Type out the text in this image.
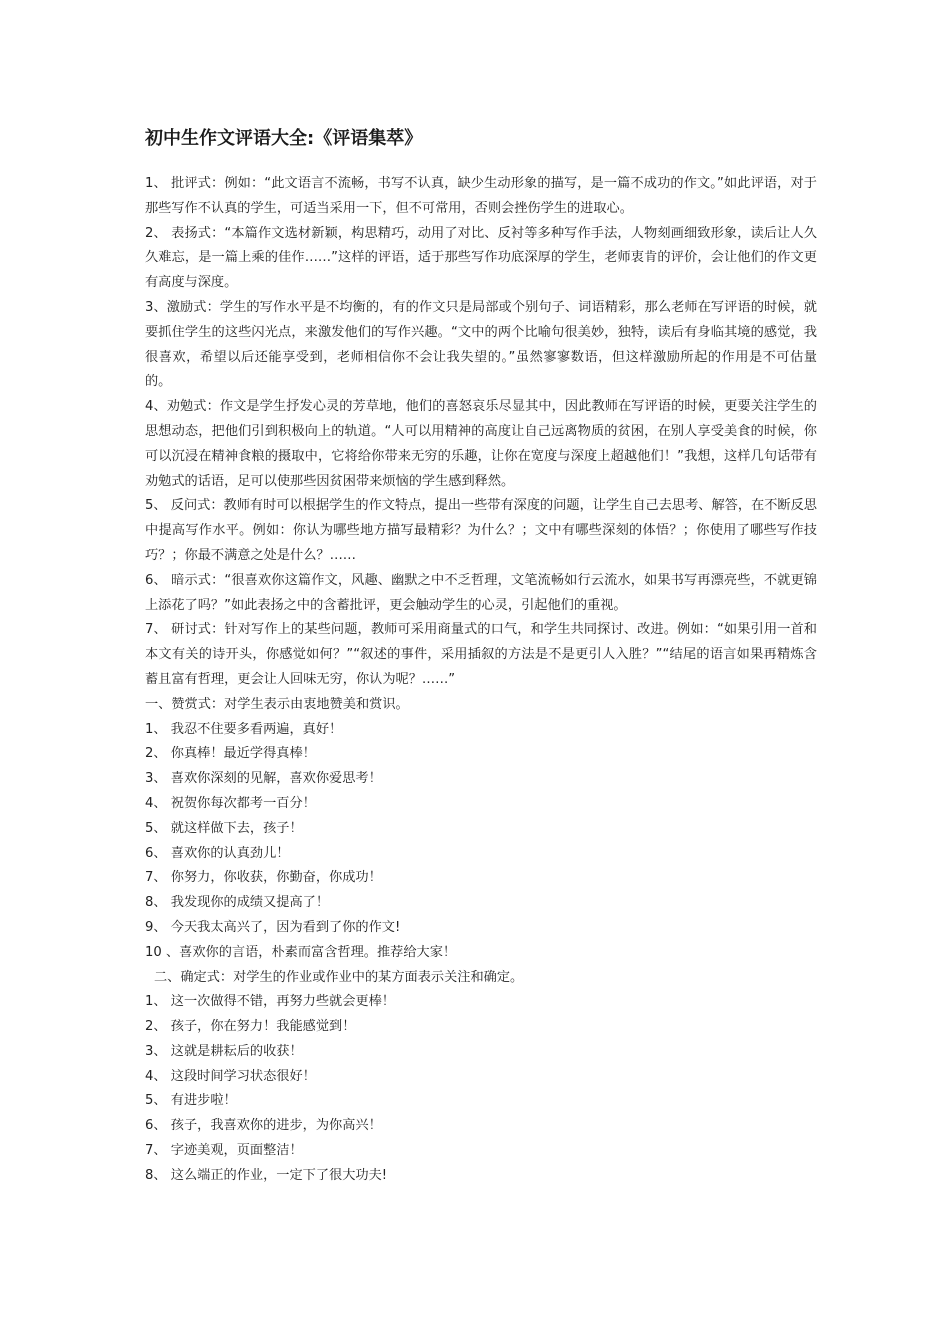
初中生作文评语大全:《评语集萃》

1、 批评式：例如：“此文语言不流畅，书写不认真，缺少生动形象的描写，是一篇不成功的作文。”如此评语，对于那些写作不认真的学生，可适当采用一下，但不可常用，否则会挫伤学生的进取心。

2、 表扬式：“本篇作文选材新颖，构思精巧，动用了对比、反衬等多种写作手法，人物刻画细致形象，读后让人久久难忘，是一篇上乘的佳作……”这样的评语，适于那些写作功底深厚的学生，老师衷肯的评价，会让他们的作文更有高度与深度。

3、激励式：学生的写作水平是不均衡的，有的作文只是局部或个别句子、词语精彩，那么老师在写评语的时候，就要抓住学生的这些闪光点，来激发他们的写作兴趣。“文中的两个比喻句很美妙，独特，读后有身临其境的感觉，我很喜欢，希望以后还能享受到，老师相信你不会让我失望的。”虽然寥寥数语，但这样激励所起的作用是不可估量的。

4、劝勉式：作文是学生抒发心灵的芳草地，他们的喜怒哀乐尽显其中，因此教师在写评语的时候，更要关注学生的思想动态，把他们引到积极向上的轨道。“人可以用精神的高度让自己远离物质的贫困，在别人享受美食的时候，你可以沉浸在精神食粮的摄取中，它将给你带来无穷的乐趣，让你在宽度与深度上超越他们！”我想，这样几句话带有劝勉式的话语，足可以使那些因贫困带来烦恼的学生感到释然。

5、 反问式：教师有时可以根据学生的作文特点，提出一些带有深度的问题，让学生自己去思考、解答，在不断反思中提高写作水平。例如：你认为哪些地方描写最精彩？为什么？；文中有哪些深刻的体悟？；你使用了哪些写作技巧？；你最不满意之处是什么？……

6、 暗示式：“很喜欢你这篇作文，风趣、幽默之中不乏哲理，文笔流畅如行云流水，如果书写再漂亮些，不就更锦上添花了吗？”如此表扬之中的含蓄批评，更会触动学生的心灵，引起他们的重视。

7、 研讨式：针对写作上的某些问题，教师可采用商量式的口气，和学生共同探讨、改进。例如：“如果引用一首和本文有关的诗开头，你感觉如何？”“叙述的事件，采用插叙的方法是不是更引人入胜？”“结尾的语言如果再精炼含蓄且富有哲理，更会让人回味无穷，你认为呢？……”

一、赞赏式：对学生表示由衷地赞美和赏识。

1、 我忍不住要多看两遍，真好！

2、 你真棒！最近学得真棒！

3、 喜欢你深刻的见解，喜欢你爱思考！

4、 祝贺你每次都考一百分！

5、 就这样做下去，孩子！

6、 喜欢你的认真劲儿！

7、 你努力，你收获，你勤奋，你成功！

8、 我发现你的成绩又提高了！

9、 今天我太高兴了，因为看到了你的作文!

10 、喜欢你的言语，朴素而富含哲理。推荐给大家！

二、确定式：对学生的作业或作业中的某方面表示关注和确定。

1、 这一次做得不错，再努力些就会更棒！

2、 孩子，你在努力！我能感觉到！

3、 这就是耕耘后的收获！

4、 这段时间学习状态很好！

5、 有进步啦！

6、 孩子，我喜欢你的进步，为你高兴！

7、 字迹美观，页面整洁！

8、 这么端正的作业，一定下了很大功夫!
